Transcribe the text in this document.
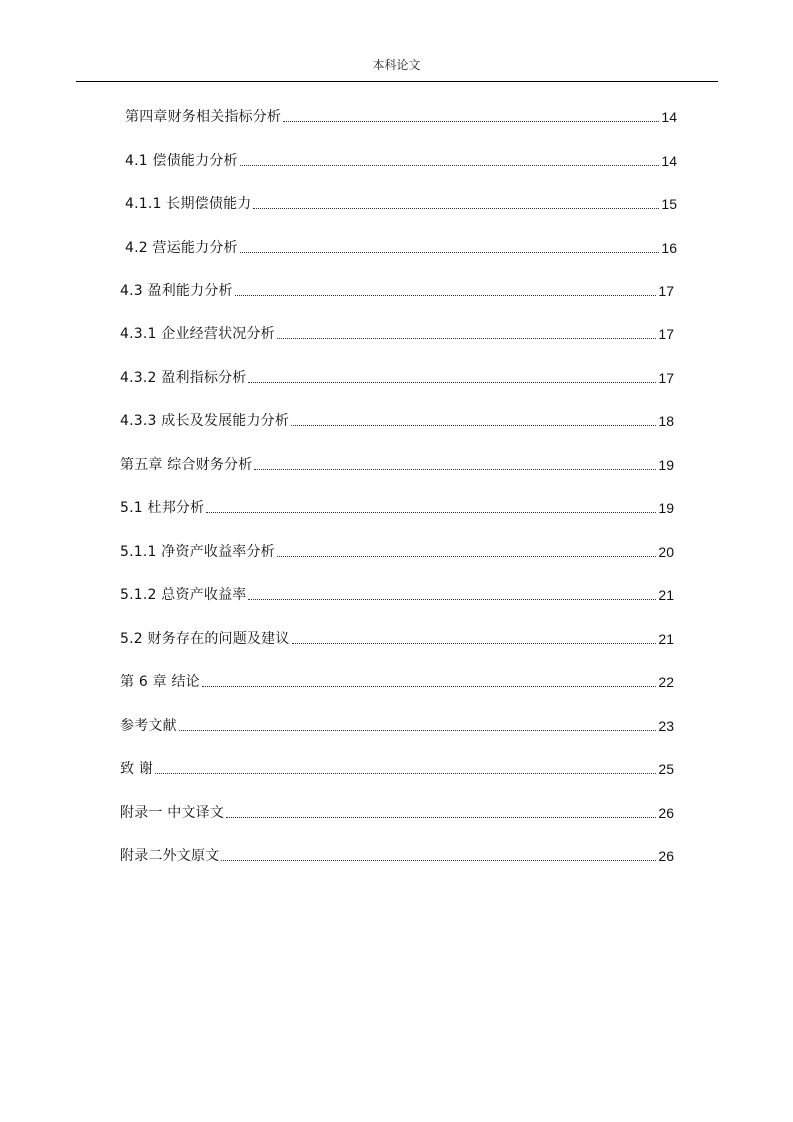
本科论文
第四章财务相关指标分析	14
4.1 偿债能力分析	14
4.1.1 长期偿债能力	15
4.2 营运能力分析	16
4.3 盈利能力分析	17
4.3.1 企业经营状况分析	17
4.3.2 盈利指标分析	17
4.3.3 成长及发展能力分析	18
第五章 综合财务分析	19
5.1 杜邦分析	19
5.1.1 净资产收益率分析	20
5.1.2 总资产收益率	21
5.2 财务存在的问题及建议	21
第 6 章 结论	22
参考文献	23
致 谢	25
附录一 中文译文	26
附录二外文原文	26
